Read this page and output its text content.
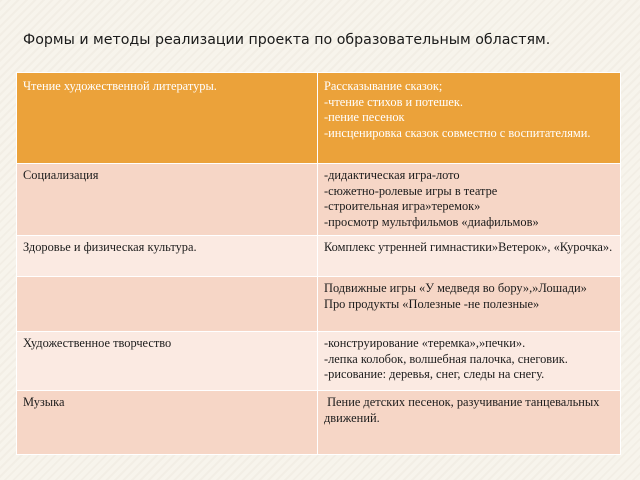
Формы и методы реализации проекта по образовательным областям.
Чтение художественной литературы.	Рассказывание сказок;
-чтение стихов и потешек.
-пение песенок
-инсценировка сказок совместно с воспитателями.

Социализация	-дидактическая игра-лото
-сюжетно-ролевые игры в театре
-строительная игра»теремок»
-просмотр мультфильмов «диафильмов»

Здоровье и физическая культура.	Комплекс утренней гимнастики»Ветерок», «Курочка».

	Подвижные игры «У медведя во бору»,»Лошади»
Про продукты «Полезные -не полезные»

Художественное творчество	-конструирование «теремка»,»печки».
-лепка колобок, волшебная палочка, снеговик.
-рисование: деревья, снег, следы на снегу.

Музыка	Пение детских песенок, разучивание танцевальных движений.
